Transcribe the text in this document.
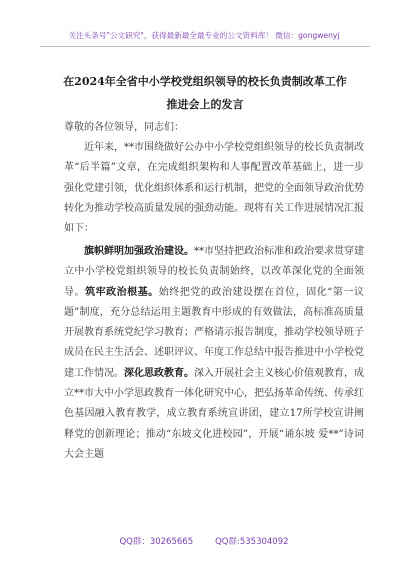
关注头条号"公文研究"，获得最新最全最专业的公文资料库！ 微信：gongwenyj
在2024年全省中小学校党组织领导的校长负责制改革工作
推进会上的发言
尊敬的各位领导，同志们：
近年来，**市围绕做好公办中小学校党组织领导的校长负责制改革“后半篇”文章，在完成组织架构和人事配置改革基础上，进一步强化党建引领，优化组织体系和运行机制，把党的全面领导政治优势转化为推动学校高质量发展的强劲动能。现将有关工作进展情况汇报如下：
旗帜鲜明加强政治建设。**市坚持把政治标准和政治要求贯穿建立中小学校党组织领导的校长负责制始终，以改革深化党的全面领导。筑牢政治根基。始终把党的政治建设摆在首位，固化“第一议题”制度，充分总结运用主题教育中形成的有效做法，高标准高质量开展教育系统党纪学习教育；严格请示报告制度，推动学校领导班子成员在民主生活会、述职评议、年度工作总结中报告推进中小学校党建工作情况。深化思政教育。深入开展社会主义核心价值观教育，成立**市大中小学思政教育一体化研究中心，把弘扬革命传统、传承红色基因融入教育教学，成立教育系统宣讲团，建立17所学校宣讲阐释党的创新理论；推动“东坡文化进校园”，开展“诵东坡 爱**”诗词大会主题
QQ群：30265665	QQ群:535304092
